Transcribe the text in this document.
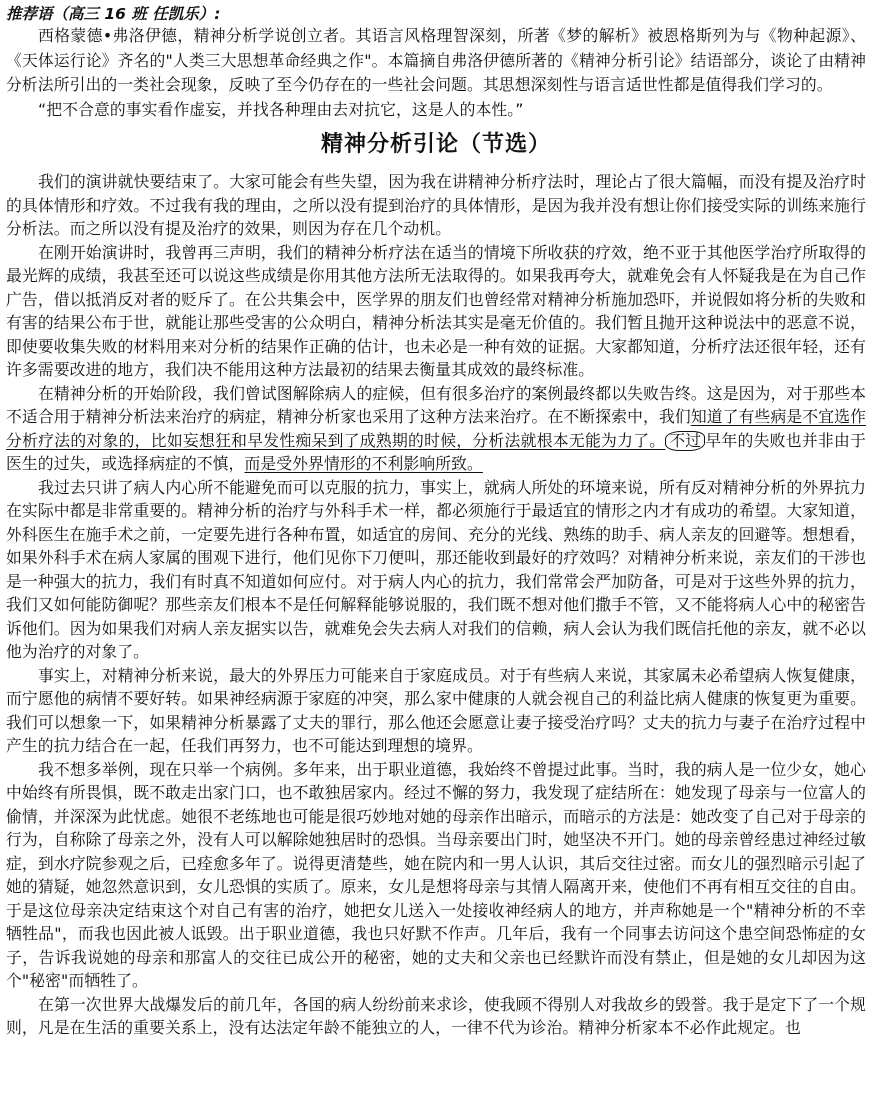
推荐语（高三 16 班 任凯乐）:

西格蒙德•弗洛伊德，精神分析学说创立者。其语言风格理智深刻，所著《梦的解析》被恩格斯列为与《物种起源》、《天体运行论》齐名的"人类三大思想革命经典之作"。本篇摘自弗洛伊德所著的《精神分析引论》结语部分，谈论了由精神分析法所引出的一类社会现象，反映了至今仍存在的一些社会问题。其思想深刻性与语言适世性都是值得我们学习的。

“把不合意的事实看作虚妄，并找各种理由去对抗它，这是人的本性。”

精神分析引论（节选）

我们的演讲就快要结束了。大家可能会有些失望，因为我在讲精神分析疗法时，理论占了很大篇幅，而没有提及治疗时的具体情形和疗效。不过我有我的理由，之所以没有提到治疗的具体情形，是因为我并没有想让你们接受实际的训练来施行分析法。而之所以没有提及治疗的效果，则因为存在几个动机。

在刚开始演讲时，我曾再三声明，我们的精神分析疗法在适当的情境下所收获的疗效，绝不亚于其他医学治疗所取得的最光辉的成绩，我甚至还可以说这些成绩是你用其他方法所无法取得的。如果我再夸大，就难免会有人怀疑我是在为自己作广告，借以抵消反对者的贬斥了。在公共集会中，医学界的朋友们也曾经常对精神分析施加恐吓，并说假如将分析的失败和有害的结果公布于世，就能让那些受害的公众明白，精神分析法其实是毫无价值的。我们暂且抛开这种说法中的恶意不说，即使要收集失败的材料用来对分析的结果作正确的估计，也未必是一种有效的证据。大家都知道，分析疗法还很年轻，还有许多需要改进的地方，我们决不能用这种方法最初的结果去衡量其成效的最终标准。

在精神分析的开始阶段，我们曾试图解除病人的症候，但有很多治疗的案例最终都以失败告终。这是因为，对于那些本不适合用于精神分析法来治疗的病症，精神分析家也采用了这种方法来治疗。在不断探索中，我们知道了有些病是不宜选作分析疗法的对象的，比如妄想狂和早发性痴呆到了成熟期的时候，分析法就根本无能为力了。 不过 早年的失败也并非由于医生的过失，或选择病症的不慎，而是受外界情形的不利影响所致。

我过去只讲了病人内心所不能避免而可以克服的抗力，事实上，就病人所处的环境来说，所有反对精神分析的外界抗力在实际中都是非常重要的。精神分析的治疗与外科手术一样，都必须施行于最适宜的情形之内才有成功的希望。大家知道，外科医生在施手术之前，一定要先进行各种布置，如适宜的房间、充分的光线、熟练的助手、病人亲友的回避等。想想看，如果外科手术在病人家属的围观下进行，他们见你下刀便叫，那还能收到最好的疗效吗？对精神分析来说，亲友们的干涉也是一种强大的抗力，我们有时真不知道如何应付。对于病人内心的抗力，我们常常会严加防备，可是对于这些外界的抗力，我们又如何能防御呢？那些亲友们根本不是任何解释能够说服的，我们既不想对他们撒手不管，又不能将病人心中的秘密告诉他们。因为如果我们对病人亲友据实以告，就难免会失去病人对我们的信赖，病人会认为我们既信托他的亲友，就不必以他为治疗的对象了。

事实上，对精神分析来说，最大的外界压力可能来自于家庭成员。对于有些病人来说，其家属未必希望病人恢复健康，而宁愿他的病情不要好转。如果神经病源于家庭的冲突，那么家中健康的人就会视自己的利益比病人健康的恢复更为重要。我们可以想象一下，如果精神分析暴露了丈夫的罪行，那么他还会愿意让妻子接受治疗吗？丈夫的抗力与妻子在治疗过程中产生的抗力结合在一起，任我们再努力，也不可能达到理想的境界。

我不想多举例，现在只举一个病例。多年来，出于职业道德，我始终不曾提过此事。当时，我的病人是一位少女，她心中始终有所畏惧，既不敢走出家门口，也不敢独居家内。经过不懈的努力，我发现了症结所在：她发现了母亲与一位富人的偷情，并深深为此忧虑。她很不老练地也可能是很巧妙地对她的母亲作出暗示，而暗示的方法是：她改变了自己对于母亲的行为，自称除了母亲之外，没有人可以解除她独居时的恐惧。当母亲要出门时，她坚决不开门。她的母亲曾经患过神经过敏症，到水疗院参观之后，已痊愈多年了。说得更清楚些，她在院内和一男人认识，其后交往过密。而女儿的强烈暗示引起了她的猜疑，她忽然意识到，女儿恐惧的实质了。原来，女儿是想将母亲与其情人隔离开来，使他们不再有相互交往的自由。于是这位母亲决定结束这个对自己有害的治疗，她把女儿送入一处接收神经病人的地方，并声称她是一个"精神分析的不幸牺牲品"，而我也因此被人诋毁。出于职业道德，我也只好默不作声。几年后，我有一个同事去访问这个患空间恐怖症的女子，告诉我说她的母亲和那富人的交往已成公开的秘密，她的丈夫和父亲也已经默许而没有禁止，但是她的女儿却因为这个"秘密"而牺牲了。

在第一次世界大战爆发后的前几年，各国的病人纷纷前来求诊，使我顾不得别人对我故乡的毁誉。我于是定下了一个规则，凡是在生活的重要关系上，没有达法定年龄不能独立的人，一律不代为诊治。精神分析家本不必作此规定。也
